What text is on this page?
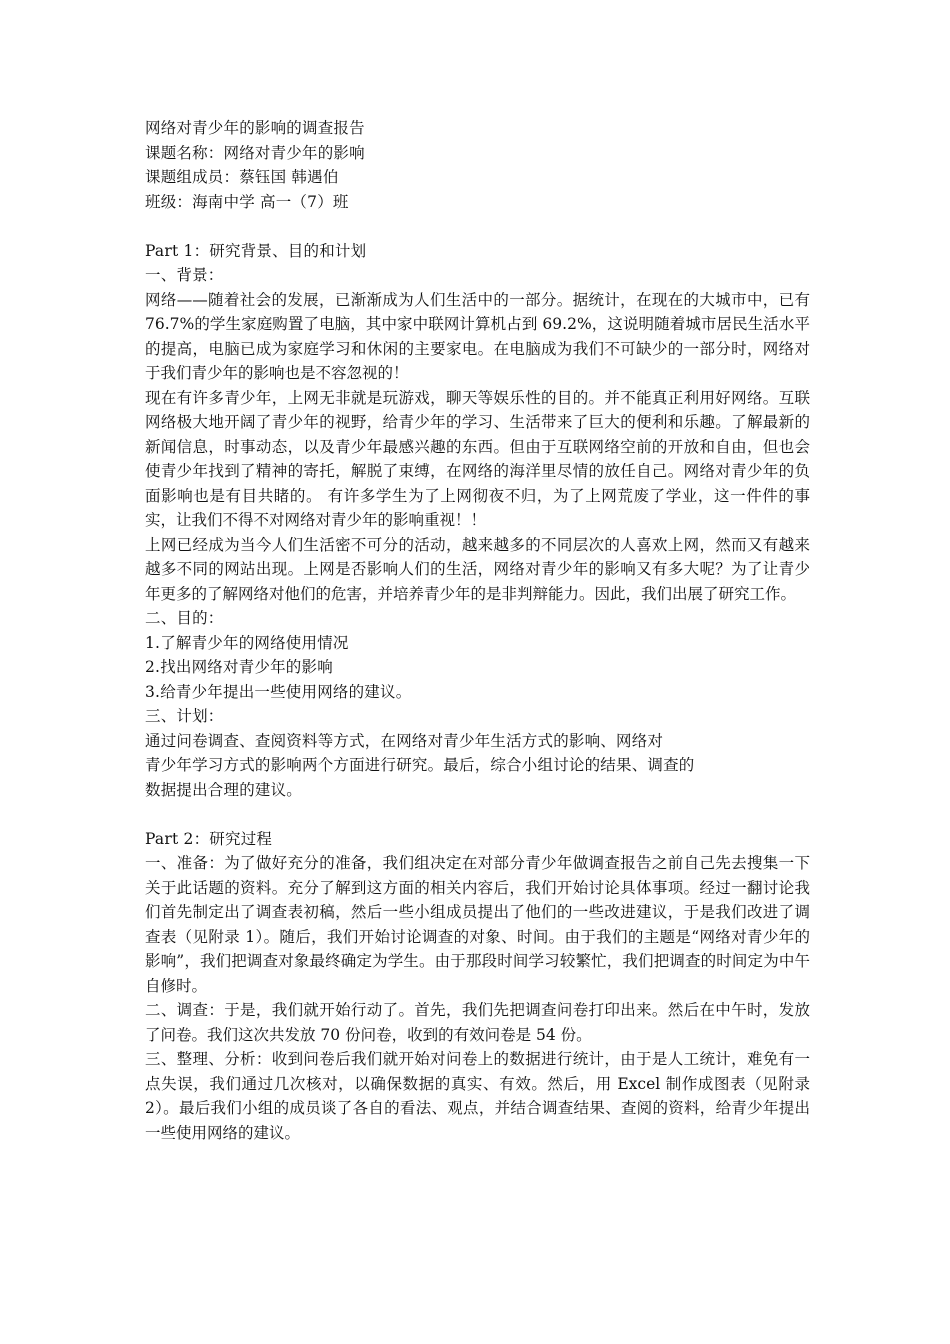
网络对青少年的影响的调查报告
课题名称：网络对青少年的影响
课题组成员：蔡钰国 韩遇伯
班级：海南中学 高一（7）班
Part 1：研究背景、目的和计划
一、背景：
网络——随着社会的发展，已渐渐成为人们生活中的一部分。据统计，在现在的大城市中，已有 76.7%的学生家庭购置了电脑，其中家中联网计算机占到 69.2%，这说明随着城市居民生活水平的提高，电脑已成为家庭学习和休闲的主要家电。在电脑成为我们不可缺少的一部分时，网络对于我们青少年的影响也是不容忽视的！
现在有许多青少年，上网无非就是玩游戏，聊天等娱乐性的目的。并不能真正利用好网络。互联网络极大地开阔了青少年的视野，给青少年的学习、生活带来了巨大的便利和乐趣。了解最新的新闻信息，时事动态，以及青少年最感兴趣的东西。但由于互联网络空前的开放和自由，但也会使青少年找到了精神的寄托，解脱了束缚，在网络的海洋里尽情的放任自己。网络对青少年的负面影响也是有目共睹的。 有许多学生为了上网彻夜不归，为了上网荒废了学业，这一件件的事实，让我们不得不对网络对青少年的影响重视！！
上网已经成为当今人们生活密不可分的活动，越来越多的不同层次的人喜欢上网，然而又有越来越多不同的网站出现。上网是否影响人们的生活，网络对青少年的影响又有多大呢？为了让青少年更多的了解网络对他们的危害，并培养青少年的是非判辩能力。因此，我们出展了研究工作。
二、目的：
1.了解青少年的网络使用情况
2.找出网络对青少年的影响
3.给青少年提出一些使用网络的建议。
三、计划：
通过问卷调查、查阅资料等方式，在网络对青少年生活方式的影响、网络对
青少年学习方式的影响两个方面进行研究。最后，综合小组讨论的结果、调查的
数据提出合理的建议。
Part 2：研究过程
一、准备：为了做好充分的准备，我们组决定在对部分青少年做调查报告之前自己先去搜集一下关于此话题的资料。充分了解到这方面的相关内容后，我们开始讨论具体事项。经过一翻讨论我们首先制定出了调查表初稿，然后一些小组成员提出了他们的一些改进建议，于是我们改进了调查表（见附录 1）。随后，我们开始讨论调查的对象、时间。由于我们的主题是“网络对青少年的影响”，我们把调查对象最终确定为学生。由于那段时间学习较繁忙，我们把调查的时间定为中午自修时。
二、调查：于是，我们就开始行动了。首先，我们先把调查问卷打印出来。然后在中午时，发放了问卷。我们这次共发放 70 份问卷，收到的有效问卷是 54 份。
三、整理、分析：收到问卷后我们就开始对问卷上的数据进行统计，由于是人工统计，难免有一点失误，我们通过几次核对，以确保数据的真实、有效。然后，用 Excel 制作成图表（见附录 2）。最后我们小组的成员谈了各自的看法、观点，并结合调查结果、查阅的资料，给青少年提出一些使用网络的建议。
